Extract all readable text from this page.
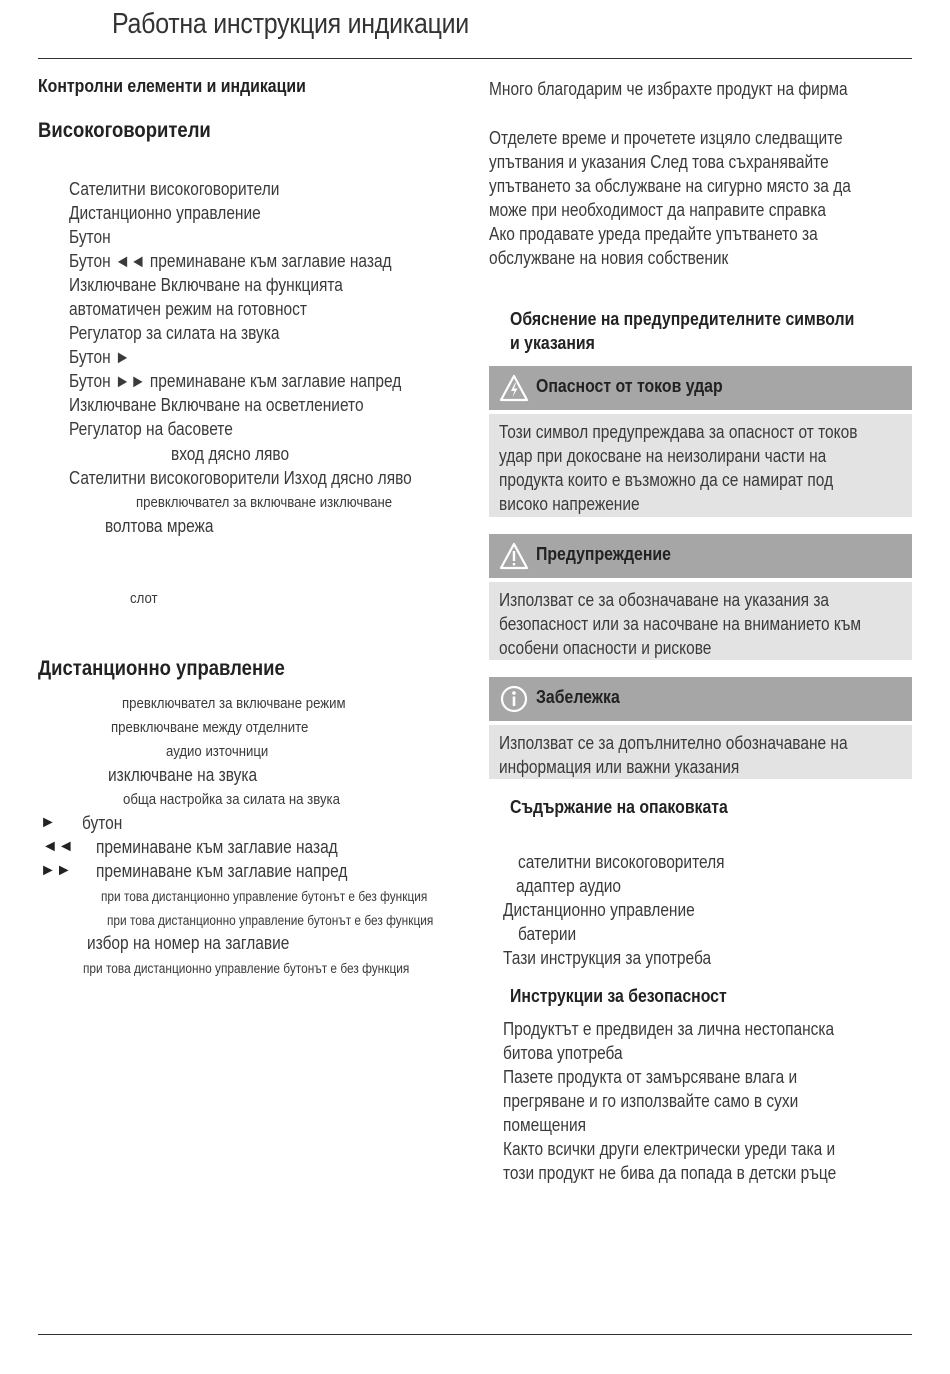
Работна инструкция индикации
Контролни елементи и индикации
Високоговорители
Сателитни високоговорители
Дистанционно управление
Бутон
Бутон ◄◄ преминаване към заглавие назад
Изключване Включване на функцията
автоматичен режим на готовност
Регулатор за силата на звука
Бутон ►
Бутон ►► преминаване към заглавие напред
Изключване Включване на осветлението
Регулатор на басовете
вход дясно ляво
Сателитни високоговорители Изход дясно ляво
превключвател за включване изключване
волтова мрежа
слот
Дистанционно управление
превключвател за включване режим
превключване между отделните
аудио източници
изключване на звука
обща настройка за силата на звука
► бутон
◄◄ преминаване към заглавие назад
►► преминаване към заглавие напред
при това дистанционно управление бутонът е без функция
при това дистанционно управление бутонът е без функция
избор на номер на заглавие
при това дистанционно управление бутонът е без функция
Много благодарим че избрахте продукт на фирма
Отделете време и прочетете изцяло следващите
упътвания и указания След това съхранявайте
упътването за обслужване на сигурно място за да
може при необходимост да направите справка
Ако продавате уреда предайте упътването за
обслужване на новия собственик
Обяснение на предупредителните символи
и указания
Опасност от токов удар
Този символ предупреждава за опасност от токов
удар при докосване на неизолирани части на
продукта които е възможно да се намират под
високо напрежение
Предупреждение
Използват се за обозначаване на указания за
безопасност или за насочване на вниманието към
особени опасности и рискове
Забележка
Използват се за допълнително обозначаване на
информация или важни указания
Съдържание на опаковката
сателитни високоговорителя
адаптер аудио
Дистанционно управление
батерии
Тази инструкция за употреба
Инструкции за безопасност
Продуктът е предвиден за лична нестопанска
битова употреба
Пазете продукта от замърсяване влага и
прегряване и го използвайте само в сухи
помещения
Както всички други електрически уреди така и
този продукт не бива да попада в детски ръце
